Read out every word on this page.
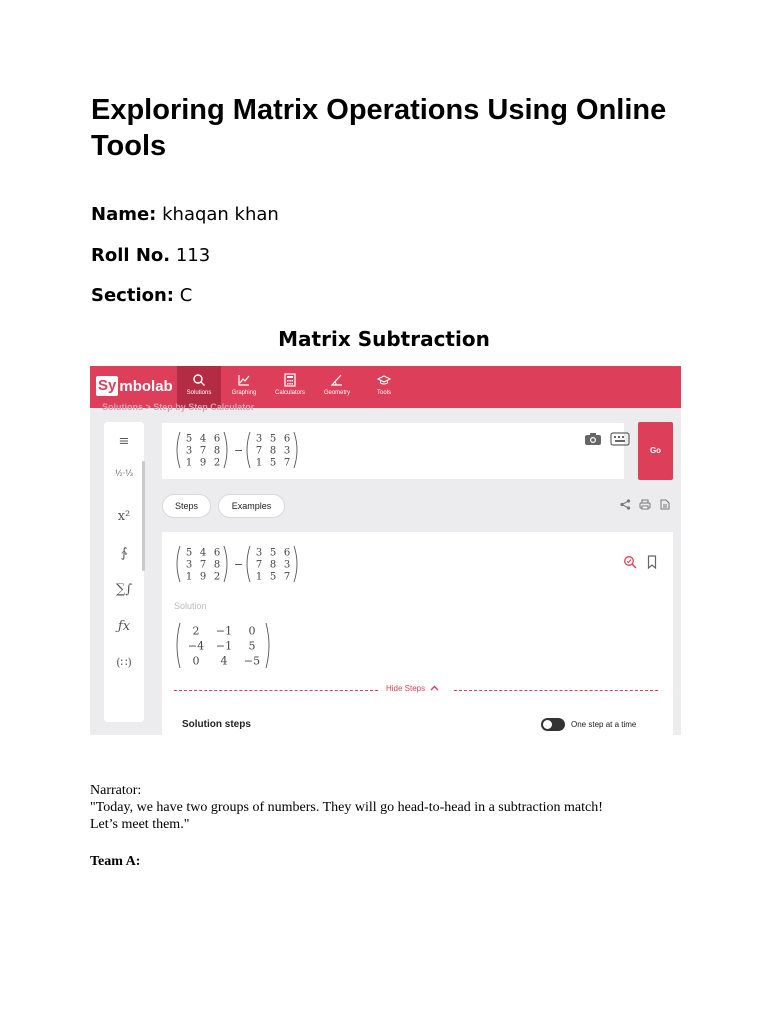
Exploring Matrix Operations Using Online Tools
Name: khaqan khan
Roll No. 113
Section: C
Matrix Subtraction
Sy mbolab	Solutions	Graphing	Calculators	Geometry	Tools
Solutions > Step by Step Calculator
≡
½·⅓
x²
∱
∑∫
ƒx
(∷)
5 4 6
3 7 8
1 9 2
−
3 5 6
7 8 3
1 5 7
Go
Steps	Examples
5 4 6
3 7 8
1 9 2
−
3 5 6
7 8 3
1 5 7
Solution
2 −1 0
−4 −1 5
0 4 −5
Hide Steps
Solution steps	One step at a time
Narrator:
"Today, we have two groups of numbers. They will go head-to-head in a subtraction match!
Let’s meet them."
Team A:
